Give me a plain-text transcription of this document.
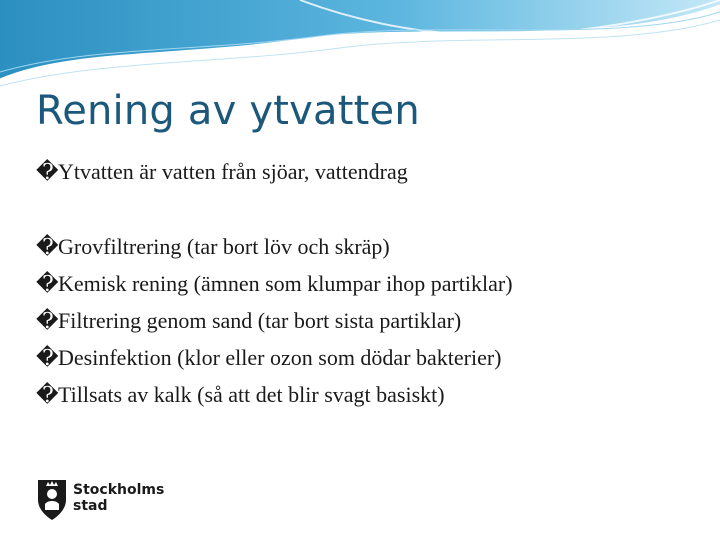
Rening av ytvatten
�Ytvatten är vatten från sjöar, vattendrag
�Grovfiltrering (tar bort löv och skräp)
�Kemisk rening (ämnen som klumpar ihop partiklar)
�Filtrering genom sand (tar bort sista partiklar)
�Desinfektion (klor eller ozon som dödar bakterier)
�Tillsats av kalk (så att det blir svagt basiskt)
Stockholms
stad
